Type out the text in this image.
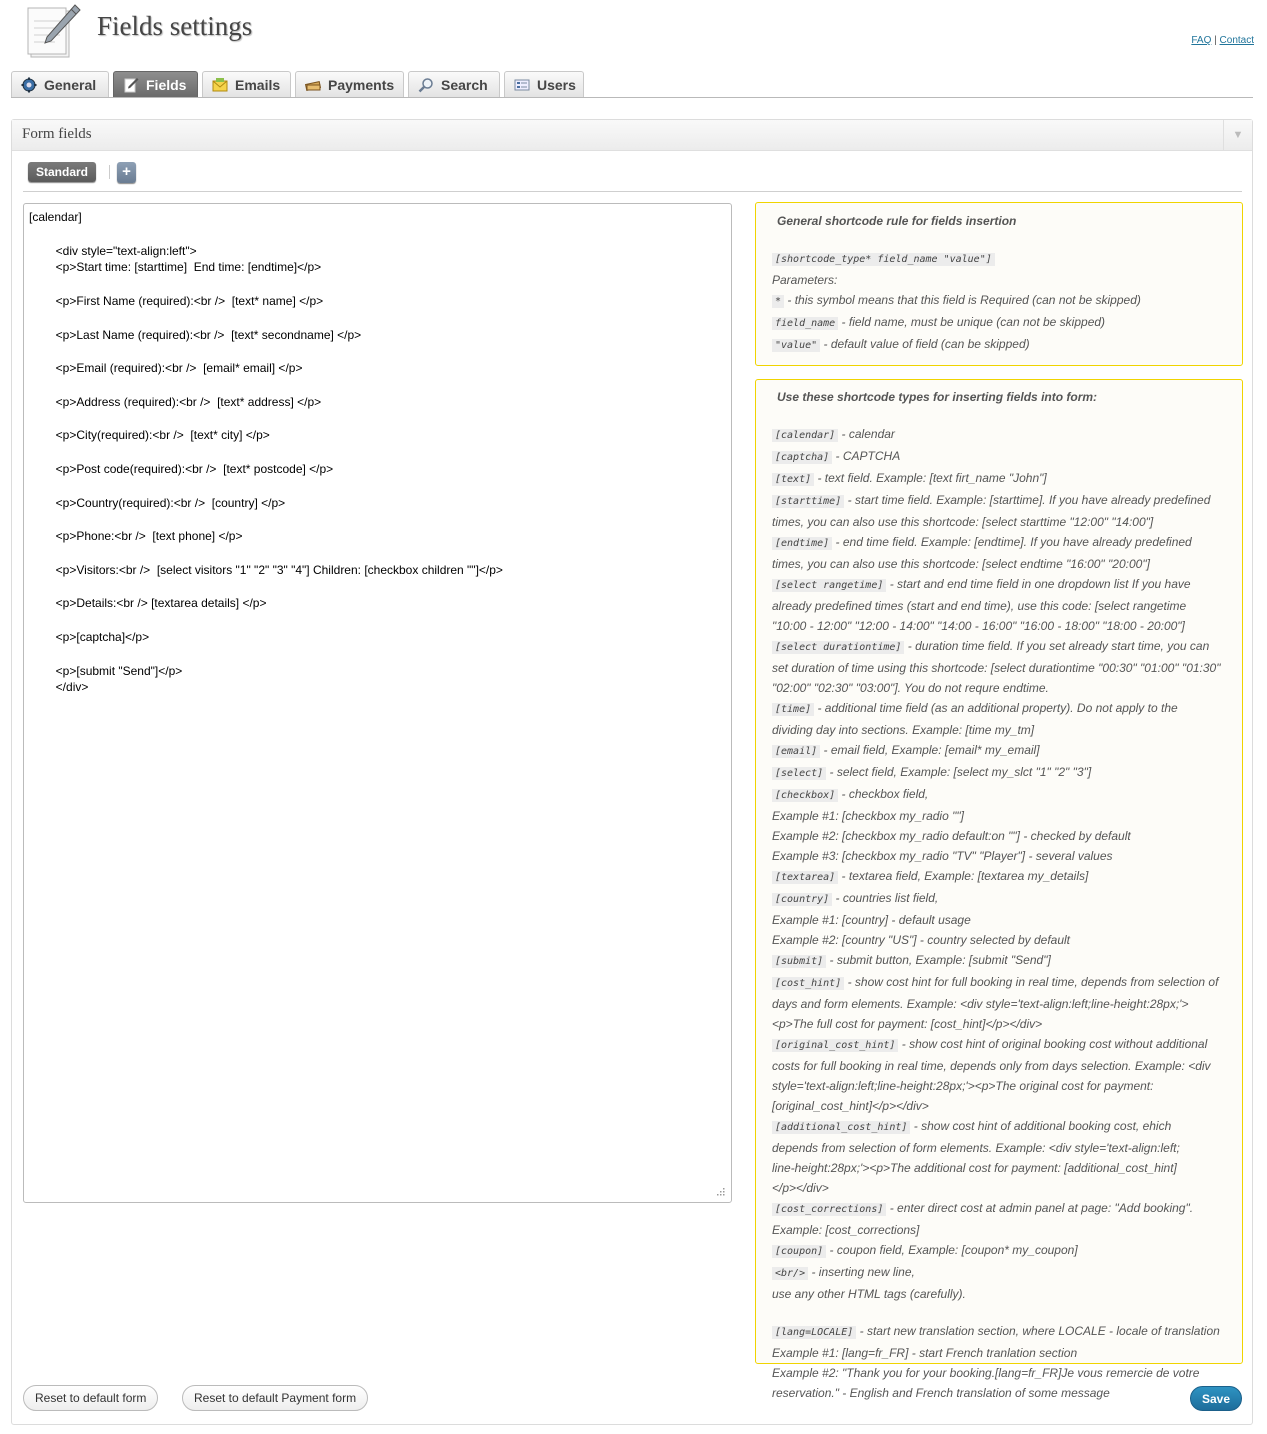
Fields settings	FAQ | Contact
General	Fields	Emails	Payments	Search	Users
Form fields	▼
Standard	+
[calendar] <div style="text-align:left"> <p>Start time: [starttime] End time: [endtime]</p> <p>First Name (required):<br /> [text* name] </p> <p>Last Name (required):<br /> [text* secondname] </p> <p>Email (required):<br /> [email* email] </p> <p>Address (required):<br /> [text* address] </p> <p>City(required):<br /> [text* city] </p> <p>Post code(required):<br /> [text* postcode] </p> <p>Country(required):<br /> [country] </p> <p>Phone:<br /> [text phone] </p> <p>Visitors:<br /> [select visitors "1" "2" "3" "4"] Children: [checkbox children ""]</p> <p>Details:<br /> [textarea details] </p> <p>[captcha]</p> <p>[submit "Send"]</p> </div>
General shortcode rule for fields insertion
[shortcode_type* field_name "value"]
Parameters:
* - this symbol means that this field is Required (can not be skipped)
field_name - field name, must be unique (can not be skipped)
"value" - default value of field (can be skipped)
Use these shortcode types for inserting fields into form:
[calendar] - calendar
[captcha] - CAPTCHA
[text] - text field. Example: [text firt_name "John"]
[starttime] - start time field. Example: [starttime]. If you have already predefined
times, you can also use this shortcode: [select starttime "12:00" "14:00"]
[endtime] - end time field. Example: [endtime]. If you have already predefined
times, you can also use this shortcode: [select endtime "16:00" "20:00"]
[select rangetime] - start and end time field in one dropdown list If you have
already predefined times (start and end time), use this code: [select rangetime
"10:00 - 12:00" "12:00 - 14:00" "14:00 - 16:00" "16:00 - 18:00" "18:00 - 20:00"]
[select durationtime] - duration time field. If you set already start time, you can
set duration of time using this shortcode: [select durationtime "00:30" "01:00" "01:30"
"02:00" "02:30" "03:00"]. You do not requre endtime.
[time] - additional time field (as an additional property). Do not apply to the
dividing day into sections. Example: [time my_tm]
[email] - email field, Example: [email* my_email]
[select] - select field, Example: [select my_slct "1" "2" "3"]
[checkbox] - checkbox field,
Example #1: [checkbox my_radio ""]
Example #2: [checkbox my_radio default:on ""] - checked by default
Example #3: [checkbox my_radio "TV" "Player"] - several values
[textarea] - textarea field, Example: [textarea my_details]
[country] - countries list field,
Example #1: [country] - default usage
Example #2: [country "US"] - country selected by default
[submit] - submit button, Example: [submit "Send"]
[cost_hint] - show cost hint for full booking in real time, depends from selection of
days and form elements. Example: <div style='text-align:left;line-height:28px;'>
<p>The full cost for payment: [cost_hint]</p></div>
[original_cost_hint] - show cost hint of original booking cost without additional
costs for full booking in real time, depends only from days selection. Example: <div
style='text-align:left;line-height:28px;'><p>The original cost for payment:
[original_cost_hint]</p></div>
[additional_cost_hint] - show cost hint of additional booking cost, ehich
depends from selection of form elements. Example: <div style='text-align:left;
line-height:28px;'><p>The additional cost for payment: [additional_cost_hint]
</p></div>
[cost_corrections] - enter direct cost at admin panel at page: "Add booking".
Example: [cost_corrections]
[coupon] - coupon field, Example: [coupon* my_coupon]
<br/> - inserting new line,
use any other HTML tags (carefully).
[lang=LOCALE] - start new translation section, where LOCALE - locale of translation
Example #1: [lang=fr_FR] - start French tranlation section
Example #2: "Thank you for your booking.[lang=fr_FR]Je vous remercie de votre
reservation." - English and French translation of some message
Reset to default form	Reset to default Payment form	Save
